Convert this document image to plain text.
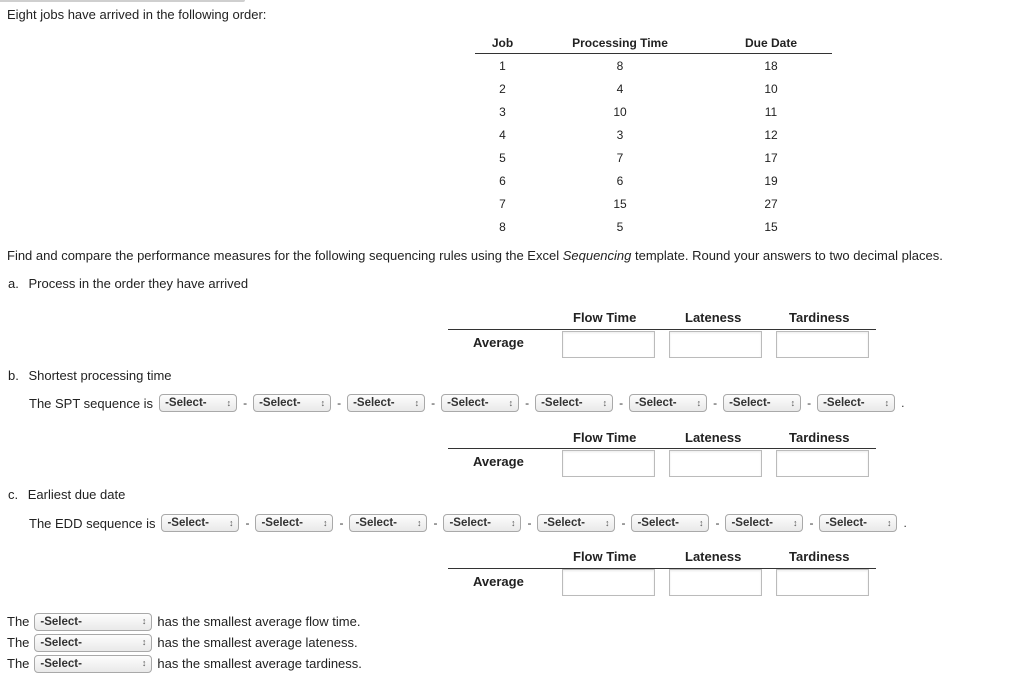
Eight jobs have arrived in the following order:
Job	Processing Time	Due Date
1	8	18
2	4	10
3	10	11
4	3	12
5	7	17
6	6	19
7	15	27
8	5	15
Find and compare the performance measures for the following sequencing rules using the Excel Sequencing template. Round your answers to two decimal places.
a. Process in the order they have arrived
Flow Time	Lateness	Tardiness
Average
b. Shortest processing time
The SPT sequence is -Select- ↕ - -Select- ↕ - -Select- ↕ - -Select- ↕ - -Select- ↕ - -Select- ↕ - -Select- ↕ - -Select- ↕ .
Flow Time	Lateness	Tardiness
Average
c. Earliest due date
The EDD sequence is -Select- ↕ - -Select- ↕ - -Select- ↕ - -Select- ↕ - -Select- ↕ - -Select- ↕ - -Select- ↕ - -Select- ↕ .
Flow Time	Lateness	Tardiness
Average
The -Select-	↕ has the smallest average flow time.
The -Select-	↕ has the smallest average lateness.
The -Select-	↕ has the smallest average tardiness.
